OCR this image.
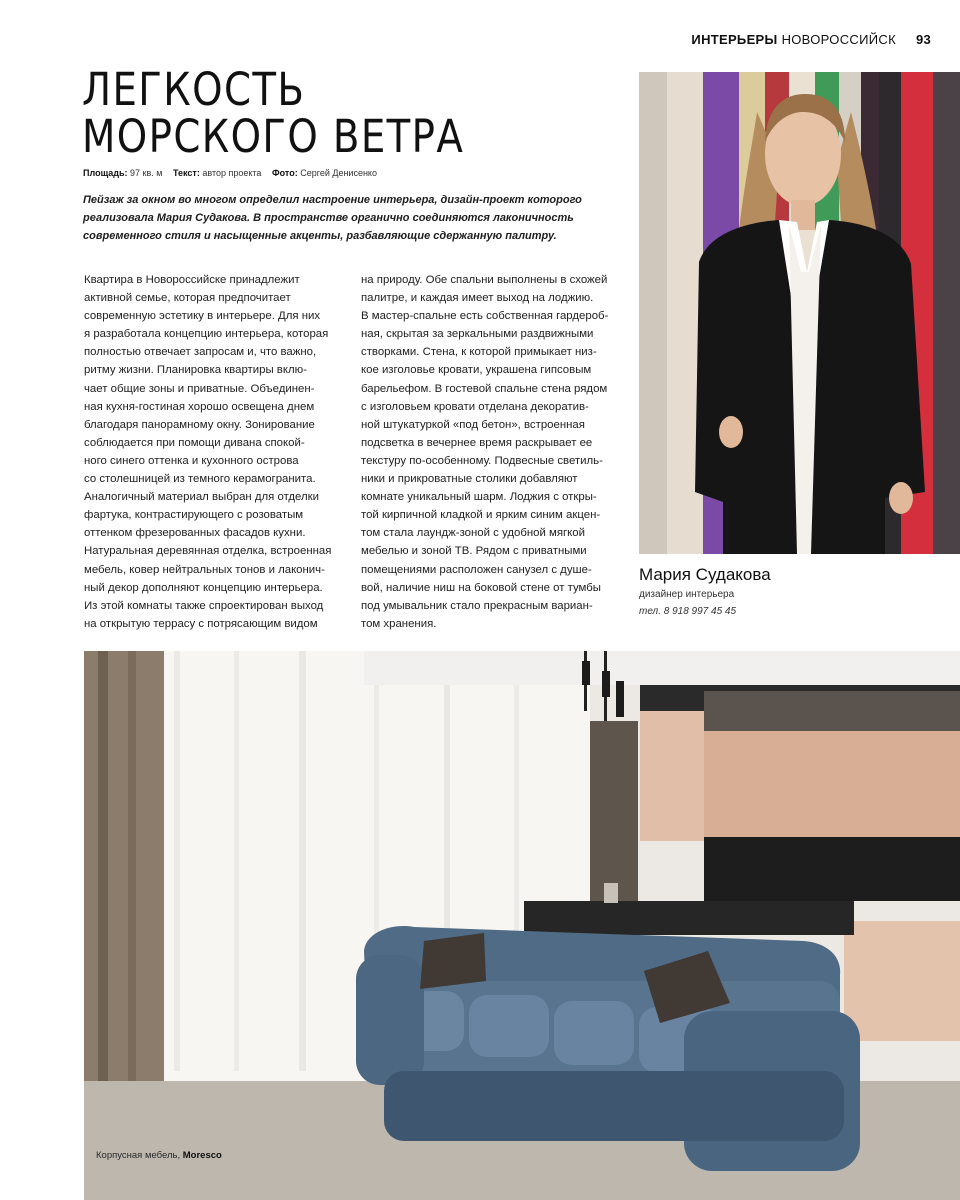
ИНТЕРЬЕРЫ НОВОРОССИЙСК 93
ЛЕГКОСТЬ
МОРСКОГО ВЕТРА
Площадь: 97 кв. м Текст: автор проекта Фото: Сергей Денисенко

Пейзаж за окном во многом определил настроение интерьера, дизайн-проект которого
реализовала Мария Судакова. В пространстве органично соединяются лаконичность
современного стиля и насыщенные акценты, разбавляющие сдержанную палитру.

Квартира в Новороссийске принадлежит
активной семье, которая предпочитает
современную эстетику в интерьере. Для них
я разработала концепцию интерьера, которая
полностью отвечает запросам и, что важно,
ритму жизни. Планировка квартиры вклю-
чает общие зоны и приватные. Объединен-
ная кухня-гостиная хорошо освещена днем
благодаря панорамному окну. Зонирование
соблюдается при помощи дивана спокой-
ного синего оттенка и кухонного острова
со столешницей из темного керамогранита.
Аналогичный материал выбран для отделки
фартука, контрастирующего с розоватым
оттенком фрезерованных фасадов кухни.
Натуральная деревянная отделка, встроенная
мебель, ковер нейтральных тонов и лаконич-
ный декор дополняют концепцию интерьера.
Из этой комнаты также спроектирован выход
на открытую террасу с потрясающим видом
на природу. Обе спальни выполнены в схожей
палитре, и каждая имеет выход на лоджию.
В мастер-спальне есть собственная гардероб-
ная, скрытая за зеркальными раздвижными
створками. Стена, к которой примыкает низ-
кое изголовье кровати, украшена гипсовым
барельефом. В гостевой спальне стена рядом
с изголовьем кровати отделана декоратив-
ной штукатуркой «под бетон», встроенная
подсветка в вечернее время раскрывает ее
текстуру по-особенному. Подвесные светиль-
ники и прикроватные столики добавляют
комнате уникальный шарм. Лоджия с откры-
той кирпичной кладкой и ярким синим акцен-
том стала лаундж-зоной с удобной мягкой
мебелью и зоной ТВ. Рядом с приватными
помещениями расположен санузел с душе-
вой, наличие ниш на боковой стене от тумбы
под умывальник стало прекрасным вариан-
том хранения.
Мария Судакова
дизайнер интерьера
тел. 8 918 997 45 45
Корпусная мебель, Moresco
